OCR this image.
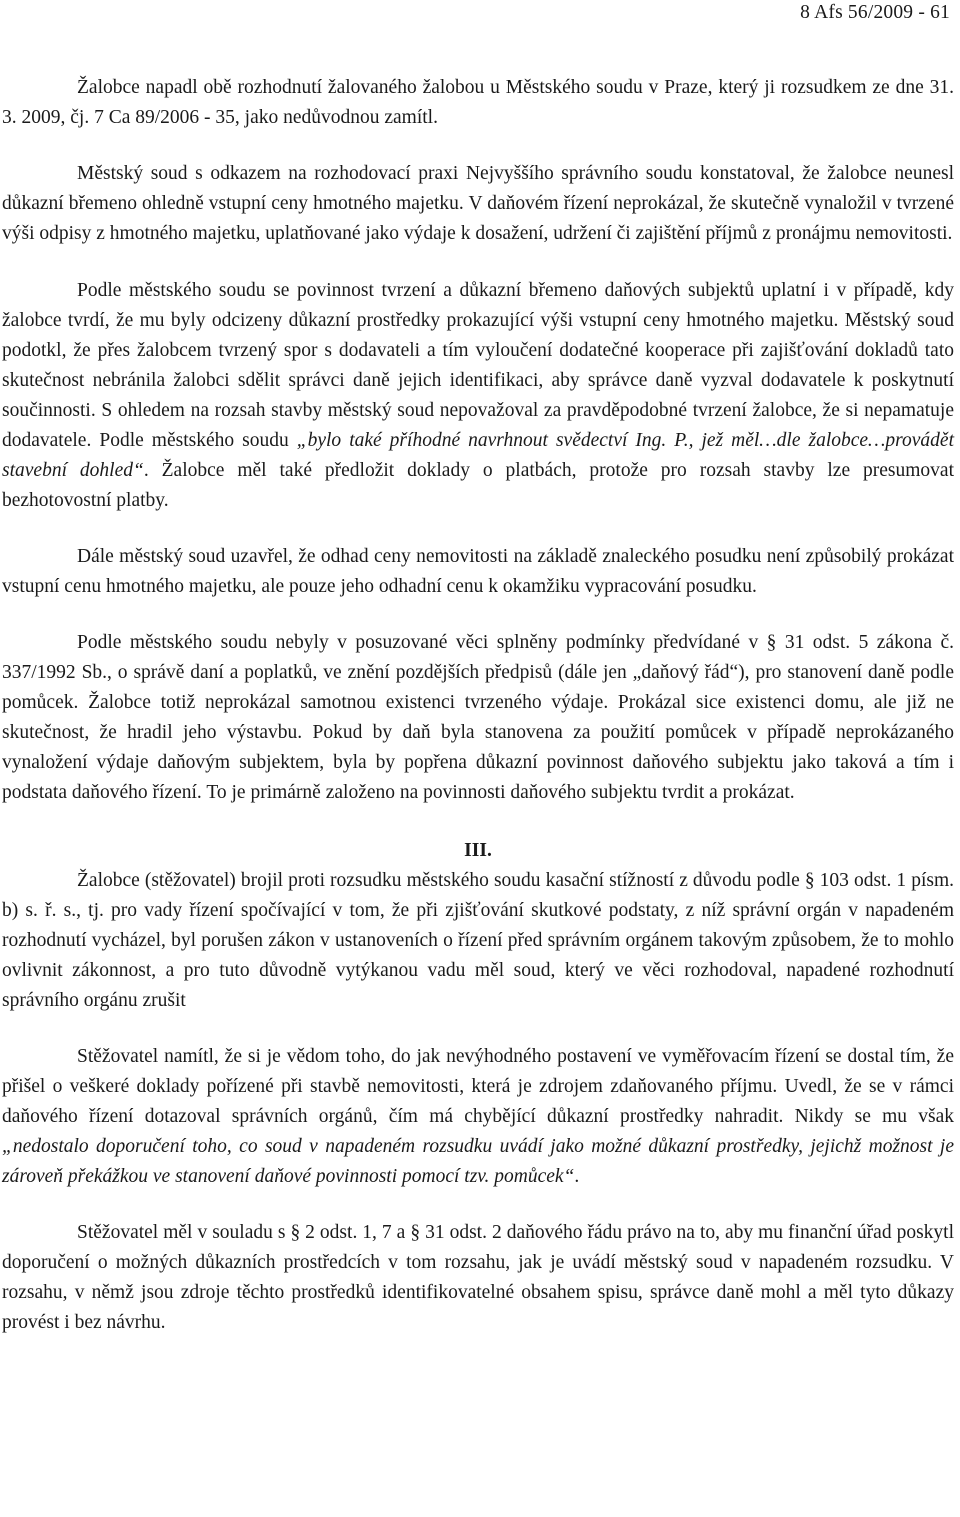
8 Afs 56/2009 - 61

Žalobce napadl obě rozhodnutí žalovaného žalobou u Městského soudu v Praze, který ji rozsudkem ze dne 31. 3. 2009, čj. 7 Ca 89/2006 - 35, jako nedůvodnou zamítl.

Městský soud s odkazem na rozhodovací praxi Nejvyššího správního soudu konstatoval, že žalobce neunesl důkazní břemeno ohledně vstupní ceny hmotného majetku. V daňovém řízení neprokázal, že skutečně vynaložil v tvrzené výši odpisy z hmotného majetku, uplatňované jako výdaje k dosažení, udržení či zajištění příjmů z pronájmu nemovitosti.

Podle městského soudu se povinnost tvrzení a důkazní břemeno daňových subjektů uplatní i v případě, kdy žalobce tvrdí, že mu byly odcizeny důkazní prostředky prokazující výši vstupní ceny hmotného majetku. Městský soud podotkl, že přes žalobcem tvrzený spor s dodavateli a tím vyloučení dodatečné kooperace při zajišťování dokladů tato skutečnost nebránila žalobci sdělit správci daně jejich identifikaci, aby správce daně vyzval dodavatele k poskytnutí součinnosti. S ohledem na rozsah stavby městský soud nepovažoval za pravděpodobné tvrzení žalobce, že si nepamatuje dodavatele. Podle městského soudu „bylo také příhodné navrhnout svědectví Ing. P., jež měl…dle žalobce…provádět stavební dohled“. Žalobce měl také předložit doklady o platbách, protože pro rozsah stavby lze presumovat bezhotovostní platby.

Dále městský soud uzavřel, že odhad ceny nemovitosti na základě znaleckého posudku není způsobilý prokázat vstupní cenu hmotného majetku, ale pouze jeho odhadní cenu k okamžiku vypracování posudku.

Podle městského soudu nebyly v posuzované věci splněny podmínky předvídané v § 31 odst. 5 zákona č. 337/1992 Sb., o správě daní a poplatků, ve znění pozdějších předpisů (dále jen „daňový řád“), pro stanovení daně podle pomůcek. Žalobce totiž neprokázal samotnou existenci tvrzeného výdaje. Prokázal sice existenci domu, ale již ne skutečnost, že hradil jeho výstavbu. Pokud by daň byla stanovena za použití pomůcek v případě neprokázaného vynaložení výdaje daňovým subjektem, byla by popřena důkazní povinnost daňového subjektu jako taková a tím i podstata daňového řízení. To je primárně založeno na povinnosti daňového subjektu tvrdit a prokázat.

III.

Žalobce (stěžovatel) brojil proti rozsudku městského soudu kasační stížností z důvodu podle § 103 odst. 1 písm. b) s. ř. s., tj. pro vady řízení spočívající v tom, že při zjišťování skutkové podstaty, z níž správní orgán v napadeném rozhodnutí vycházel, byl porušen zákon v ustanoveních o řízení před správním orgánem takovým způsobem, že to mohlo ovlivnit zákonnost, a pro tuto důvodně vytýkanou vadu měl soud, který ve věci rozhodoval, napadené rozhodnutí správního orgánu zrušit

Stěžovatel namítl, že si je vědom toho, do jak nevýhodného postavení ve vyměřovacím řízení se dostal tím, že přišel o veškeré doklady pořízené při stavbě nemovitosti, která je zdrojem zdaňovaného příjmu. Uvedl, že se v rámci daňového řízení dotazoval správních orgánů, čím má chybějící důkazní prostředky nahradit. Nikdy se mu však „nedostalo doporučení toho, co soud v napadeném rozsudku uvádí jako možné důkazní prostředky, jejichž možnost je zároveň překážkou ve stanovení daňové povinnosti pomocí tzv. pomůcek“.

Stěžovatel měl v souladu s § 2 odst. 1, 7 a § 31 odst. 2 daňového řádu právo na to, aby mu finanční úřad poskytl doporučení o možných důkazních prostředcích v tom rozsahu, jak je uvádí městský soud v napadeném rozsudku. V rozsahu, v němž jsou zdroje těchto prostředků identifikovatelné obsahem spisu, správce daně mohl a měl tyto důkazy provést i bez návrhu.
